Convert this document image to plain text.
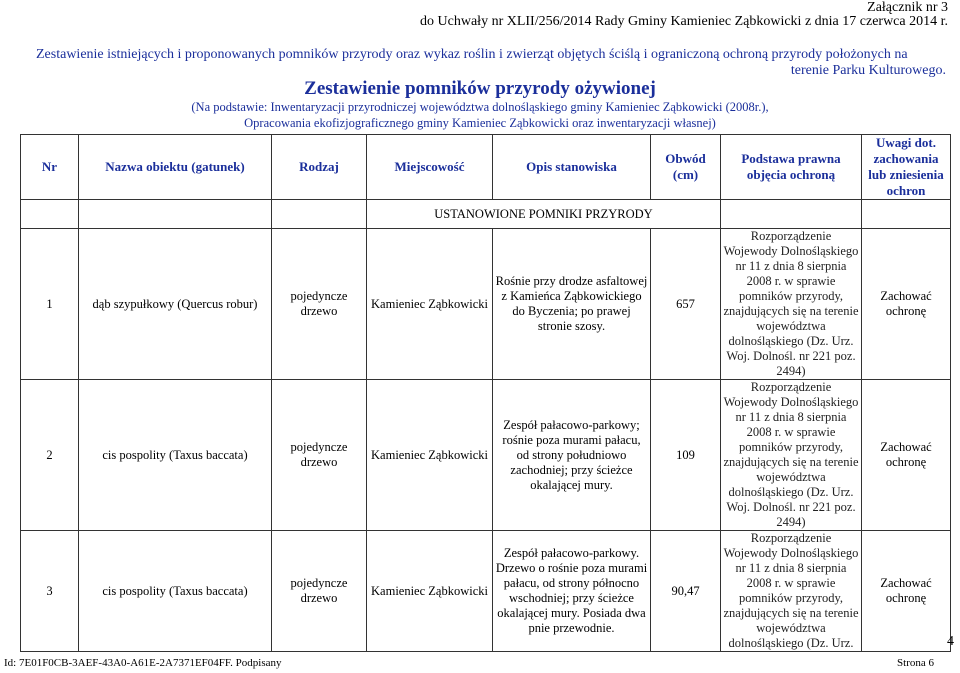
Załącznik nr 3
do Uchwały nr XLII/256/2014 Rady Gminy Kamieniec Ząbkowicki z dnia 17 czerwca 2014 r.
Zestawienie istniejących i proponowanych pomników przyrody oraz wykaz roślin i zwierząt objętych ściślą i ograniczoną ochroną przyrody położonych na
terenie Parku Kulturowego.
Zestawienie pomników przyrody ożywionej
(Na podstawie: Inwentaryzacji przyrodniczej województwa dolnośląskiego gminy Kamieniec Ząbkowicki (2008r.),
Opracowania ekofizjograficznego gminy Kamieniec Ząbkowicki oraz inwentaryzacji własnej)
Nr	Nazwa obiektu (gatunek)	Rodzaj	Miejscowość	Opis stanowiska	Obwód (cm)	Podstawa prawna objęcia ochroną	Uwagi dot. zachowania lub zniesienia ochron
			USTANOWIONE POMNIKI PRZYRODY				
1	dąb szypułkowy (Quercus robur)	pojedyncze drzewo	Kamieniec Ząbkowicki	Rośnie przy drodze asfaltowej z Kamieńca Ząbkowickiego do Byczenia; po prawej stronie szosy.	657	Rozporządzenie Wojewody Dolnośląskiego nr 11 z dnia 8 sierpnia 2008 r. w sprawie pomników przyrody, znajdujących się na terenie województwa dolnośląskiego (Dz. Urz. Woj. Dolnośl. nr 221 poz. 2494)	Zachować ochronę
2	cis pospolity (Taxus baccata)	pojedyncze drzewo	Kamieniec Ząbkowicki	Zespół pałacowo-parkowy; rośnie poza murami pałacu, od strony południowo zachodniej; przy ścieżce okalającej mury.	109	Rozporządzenie Wojewody Dolnośląskiego nr 11 z dnia 8 sierpnia 2008 r. w sprawie pomników przyrody, znajdujących się na terenie województwa dolnośląskiego (Dz. Urz. Woj. Dolnośl. nr 221 poz. 2494)	Zachować ochronę
3	cis pospolity (Taxus baccata)	pojedyncze drzewo	Kamieniec Ząbkowicki	Zespół pałacowo-parkowy. Drzewo o rośnie poza murami pałacu, od strony północno wschodniej; przy ścieżce okalającej mury. Posiada dwa pnie przewodnie.	90,47	Rozporządzenie Wojewody Dolnośląskiego nr 11 z dnia 8 sierpnia 2008 r. w sprawie pomników przyrody, znajdujących się na terenie województwa dolnośląskiego (Dz. Urz.	Zachować ochronę
4
Id: 7E01F0CB-3AEF-43A0-A61E-2A7371EF04FF. Podpisany	Strona 6
